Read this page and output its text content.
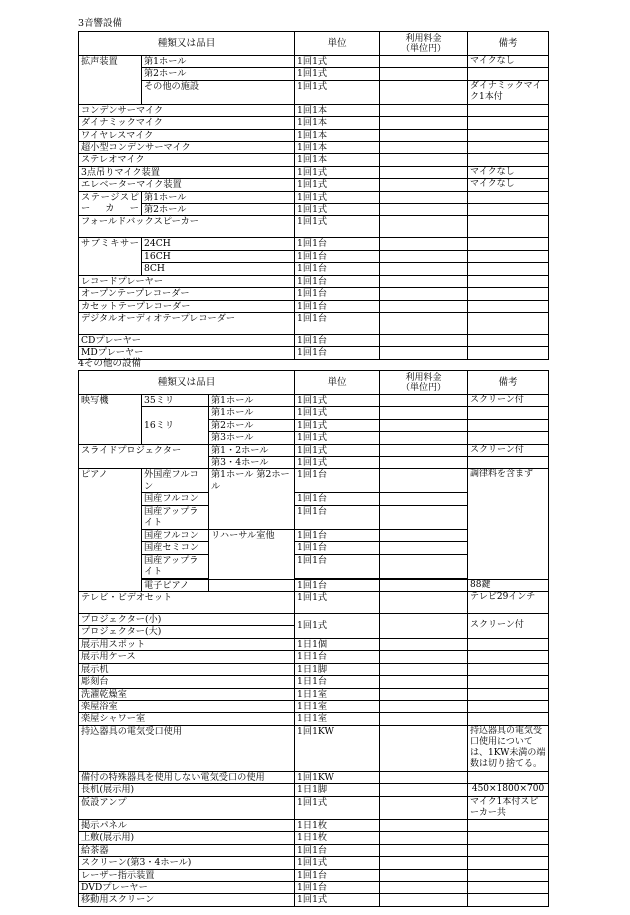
3音響設備
種類又は品目		単位	利用料金
（単位円）	備考
拡声装置	第1ホール	1回1式		マイクなし
	第2ホール	1回1式		
	その他の施設	1回1式		ダイナミックマイク1本付
コンデンサーマイク		1回1本		
ダイナミックマイク		1回1本		
ワイヤレスマイク		1回1本		
超小型コンデンサーマイク		1回1本		
ステレオマイク		1回1本		
3点吊りマイク装置		1回1式		マイクなし
エレベーターマイク装置		1回1式		マイクなし
ステージスピーカー	第1ホール	1回1式		
	第2ホール	1回1式		
フォールドバックスピーカー		1回1式		
サブミキサー	24CH	1回1台		
	16CH	1回1台		
	8CH	1回1台		
レコードプレーヤー		1回1台		
オープンテープレコーダー		1回1台		
カセットテープレコーダー		1回1台		
デジタルオーディオテープレコーダー		1回1台		
CDプレーヤー		1回1台		
MDプレーヤー		1回1台		
4その他の設備
種類又は品目			単位	利用料金
（単位円）	備考
映写機	35ミリ	第1ホール	1回1式		スクリーン付
	16ミリ	第1ホール	1回1式		
		第2ホール	1回1式		
		第3ホール	1回1式		
スライドプロジェクター		第1・2ホール	1回1式		スクリーン付
		第3・4ホール	1回1式		
ピアノ	外国産フルコン	第1ホール 第2ホール	1回1台		調律料を含まず
	国産フルコン		1回1台		
	国産アップライト		1回1台		
	国産フルコン	リハーサル室他	1回1台		
	国産セミコン		1回1台		
	国産アップライト		1回1台		

	電子ピアノ		1回1台		88鍵
テレビ・ビデオセット			1回1式		テレビ29インチ
プロジェクター(小)			1回1式		スクリーン付
プロジェクター(大)					
展示用スポット			1日1個		
展示用ケース			1日1台		
展示机			1日1脚		
彫刻台			1日1台		
洗濯乾燥室			1日1室		
楽屋浴室			1日1室		
楽屋シャワー室			1日1室		
持込器具の電気受口使用			1回1KW		持込器具の電気受口使用については、1KW未満の端数は切り捨てる。
備付の特殊器具を使用しない電気受口の使用			1回1KW		
長机(展示用)			1日1脚		450×1800×700
仮設アンプ			1回1式		マイク1本付スピーカー共
掲示パネル			1日1枚		
上敷(展示用)			1日1枚		
給茶器			1回1台		
スクリーン(第3・4ホール)			1回1式		
レーザー指示装置			1回1台		
DVDプレーヤー			1回1台		
移動用スクリーン			1回1式		
